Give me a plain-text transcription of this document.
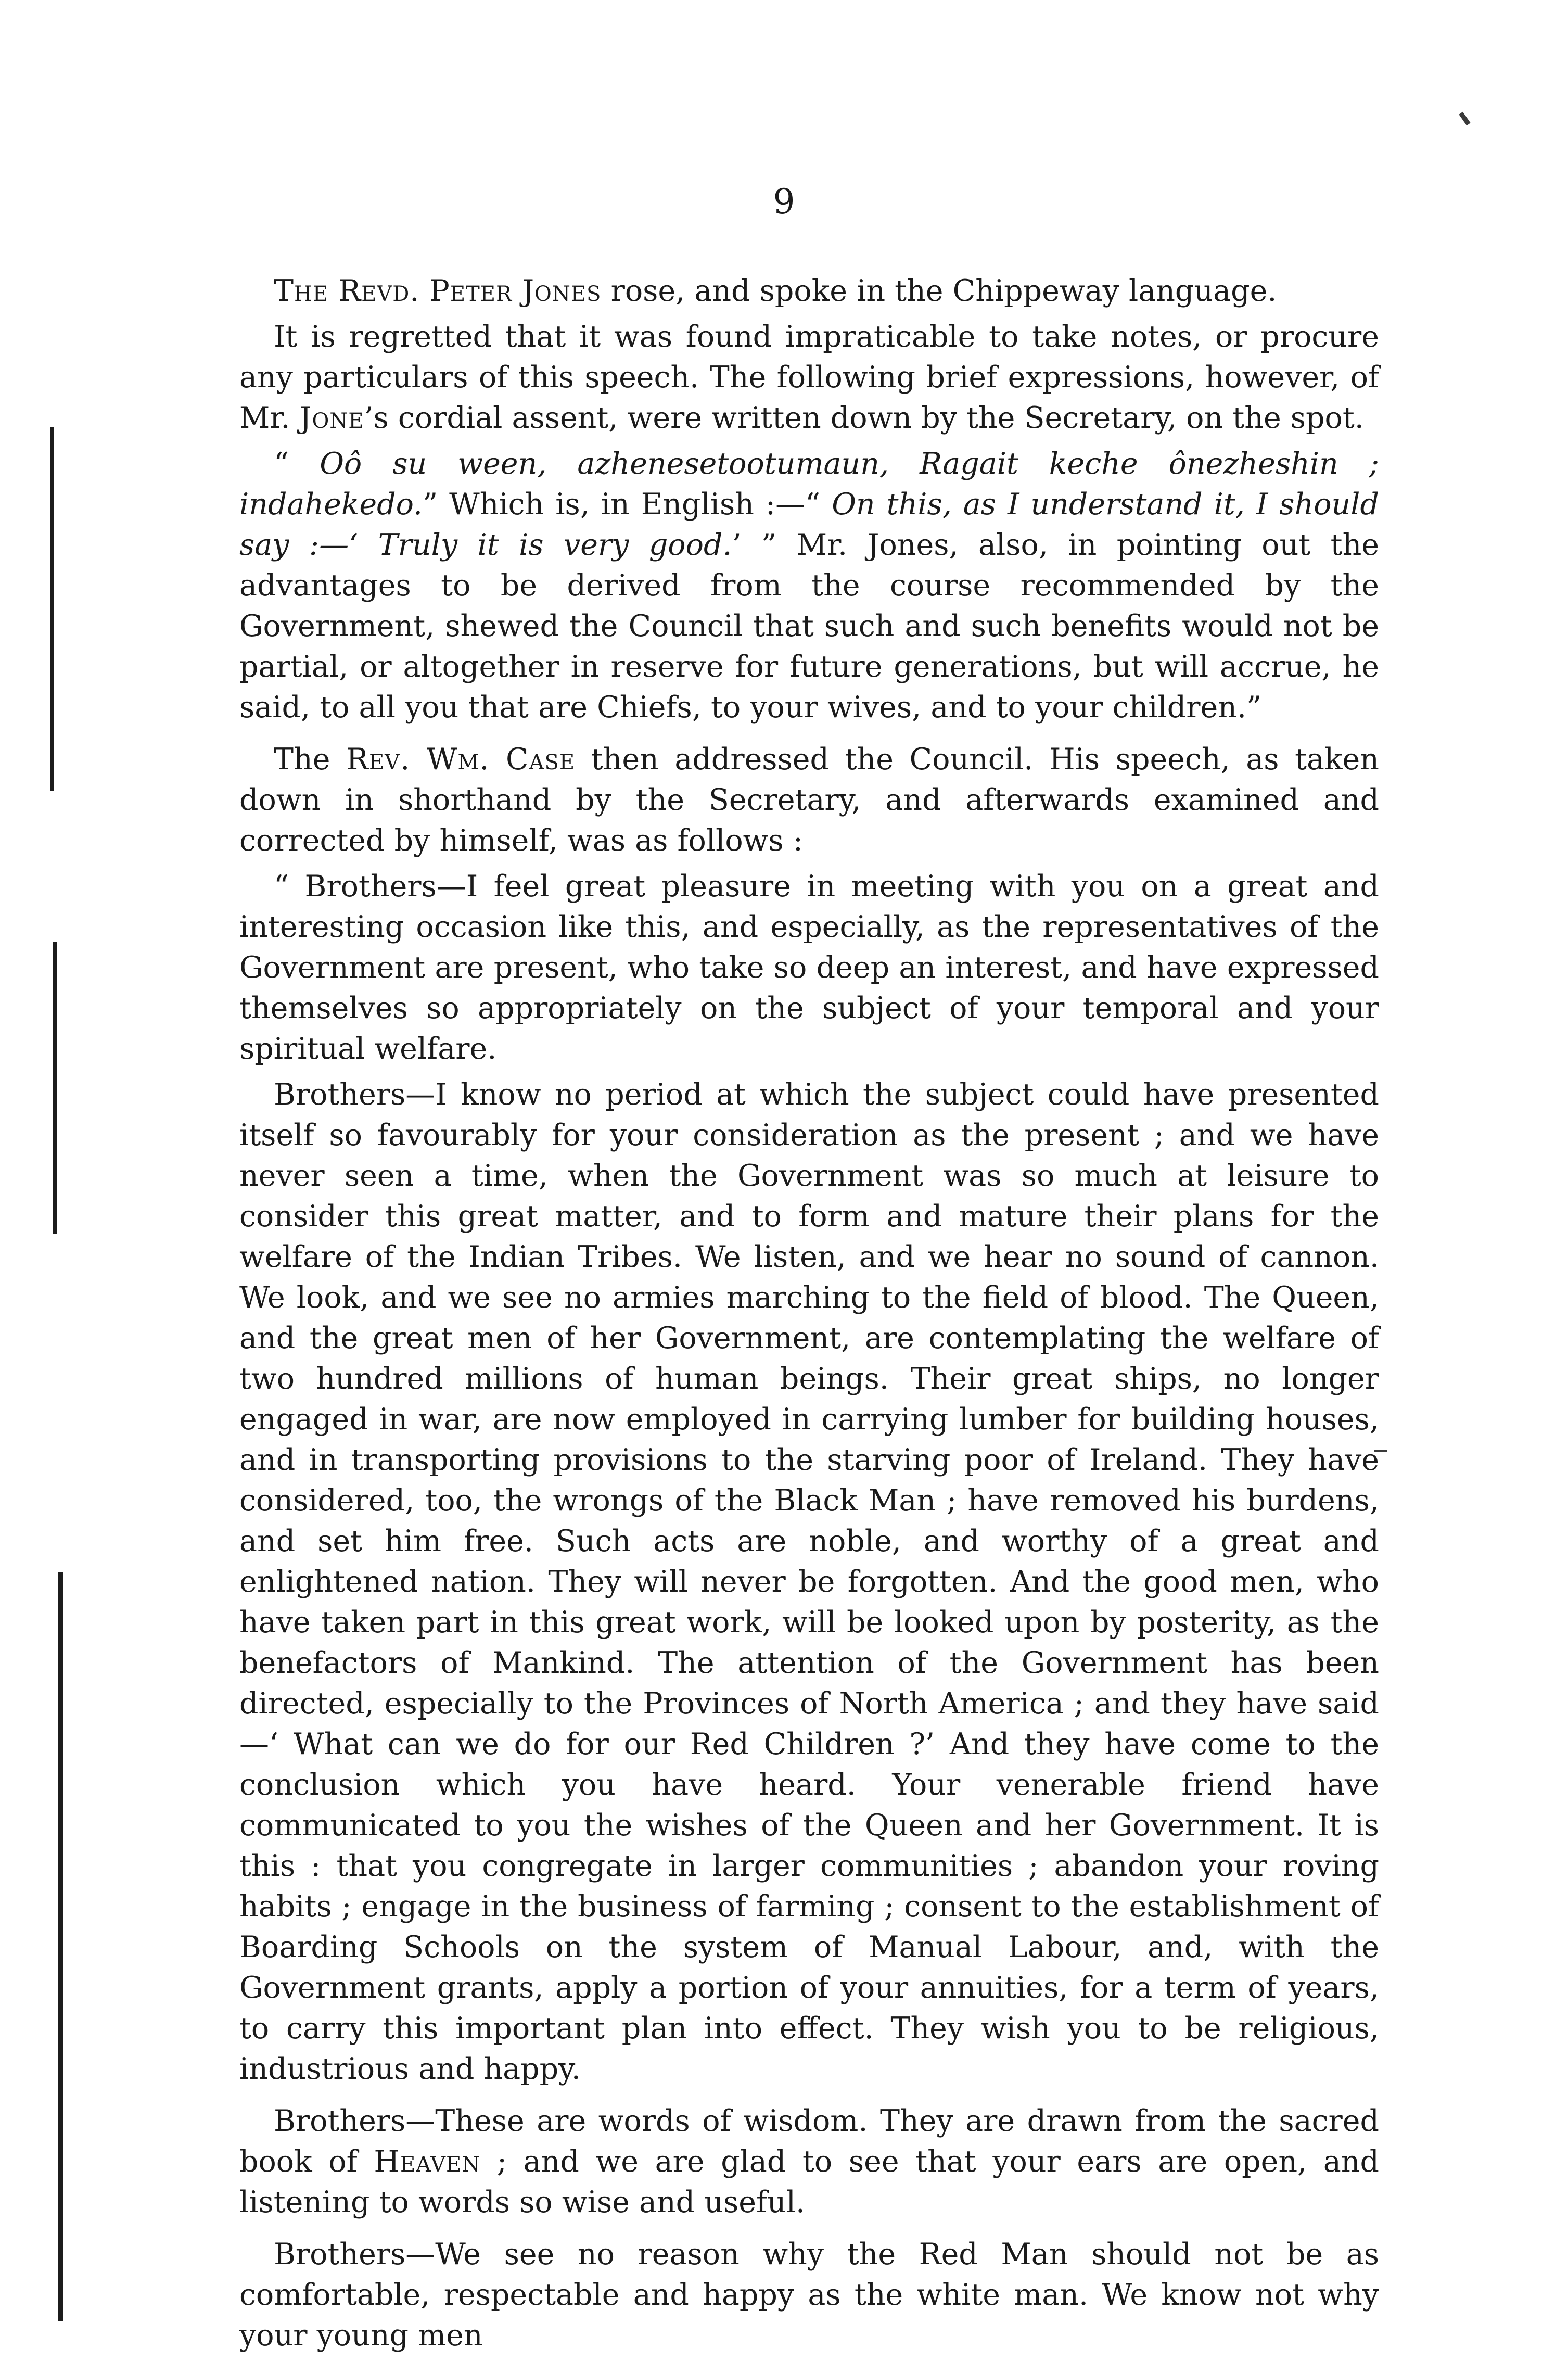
9

The Revd. Peter Jones rose, and spoke in the Chippeway language.

It is regretted that it was found impraticable to take notes, or procure any particulars of this speech. The following brief expressions, however, of Mr. Jone’s cordial assent, were written down by the Secretary, on the spot.

“ Oô su ween, azhenesetootumaun, Ragait keche ônezheshin ; indahekedo.” Which is, in English :—“ On this, as I understand it, I should say :—‘ Truly it is very good.’ ” Mr. Jones, also, in pointing out the advantages to be derived from the course recommended by the Government, shewed the Council that such and such benefits would not be partial, or altogether in reserve for future generations, but will accrue, he said, to all you that are Chiefs, to your wives, and to your children.”

The Rev. Wm. Case then addressed the Council. His speech, as taken down in shorthand by the Secretary, and afterwards examined and corrected by himself, was as follows :

“ Brothers—I feel great pleasure in meeting with you on a great and interesting occasion like this, and especially, as the representatives of the Government are present, who take so deep an interest, and have expressed themselves so appropriately on the subject of your temporal and your spiritual welfare.

Brothers—I know no period at which the subject could have presented itself so favourably for your consideration as the present ; and we have never seen a time, when the Government was so much at leisure to consider this great matter, and to form and mature their plans for the welfare of the Indian Tribes. We listen, and we hear no sound of cannon. We look, and we see no armies marching to the field of blood. The Queen, and the great men of her Government, are contemplating the welfare of two hundred millions of human beings. Their great ships, no longer engaged in war, are now employed in carrying lumber for building houses, and in transporting provisions to the starving poor of Ireland. They have considered, too, the wrongs of the Black Man ; have removed his burdens, and set him free. Such acts are noble, and worthy of a great and enlightened nation. They will never be forgotten. And the good men, who have taken part in this great work, will be looked upon by posterity, as the benefactors of Mankind. The attention of the Government has been directed, especially to the Provinces of North America ; and they have said—‘ What can we do for our Red Children ?’ And they have come to the conclusion which you have heard. Your venerable friend have communicated to you the wishes of the Queen and her Government. It is this : that you congregate in larger communities ; abandon your roving habits ; engage in the business of farming ; consent to the establishment of Boarding Schools on the system of Manual Labour, and, with the Government grants, apply a portion of your annuities, for a term of years, to carry this important plan into effect. They wish you to be religious, industrious and happy.

Brothers—These are words of wisdom. They are drawn from the sacred book of Heaven ; and we are glad to see that your ears are open, and listening to words so wise and useful.

Brothers—We see no reason why the Red Man should not be as comfortable, respectable and happy as the white man. We know not why your young men
